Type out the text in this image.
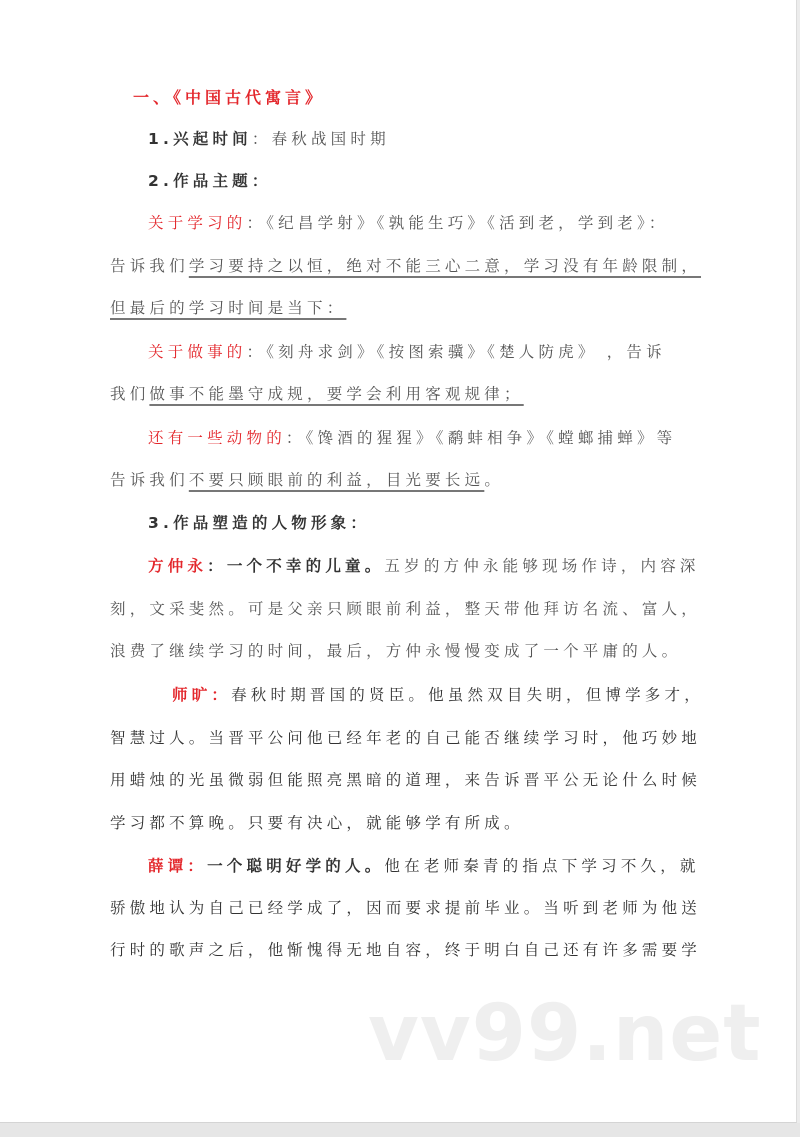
一、《中国古代寓言》
1.兴起时间：春秋战国时期
2.作品主题：
关于学习的：《纪昌学射》《孰能生巧》《活到老，学到老》：
告诉我们学习要持之以恒，绝对不能三心二意，学习没有年龄限制，
但最后的学习时间是当下：
关于做事的：《刻舟求剑》《按图索骥》《楚人防虎》 ，告诉
我们做事不能墨守成规，要学会利用客观规律；
还有一些动物的：《馋酒的猩猩》《鹬蚌相争》《螳螂捕蝉》等
告诉我们不要只顾眼前的利益，目光要长远。
3.作品塑造的人物形象：
方仲永：一个不幸的儿童。五岁的方仲永能够现场作诗，内容深
刻，文采斐然。可是父亲只顾眼前利益，整天带他拜访名流、富人，
浪费了继续学习的时间，最后，方仲永慢慢变成了一个平庸的人。
师旷：春秋时期晋国的贤臣。他虽然双目失明，但博学多才，
智慧过人。当晋平公问他已经年老的自己能否继续学习时，他巧妙地
用蜡烛的光虽微弱但能照亮黑暗的道理，来告诉晋平公无论什么时候
学习都不算晚。只要有决心，就能够学有所成。
薛谭：一个聪明好学的人。他在老师秦青的指点下学习不久，就
骄傲地认为自己已经学成了，因而要求提前毕业。当听到老师为他送
行时的歌声之后，他惭愧得无地自容，终于明白自己还有许多需要学
vv99.net
